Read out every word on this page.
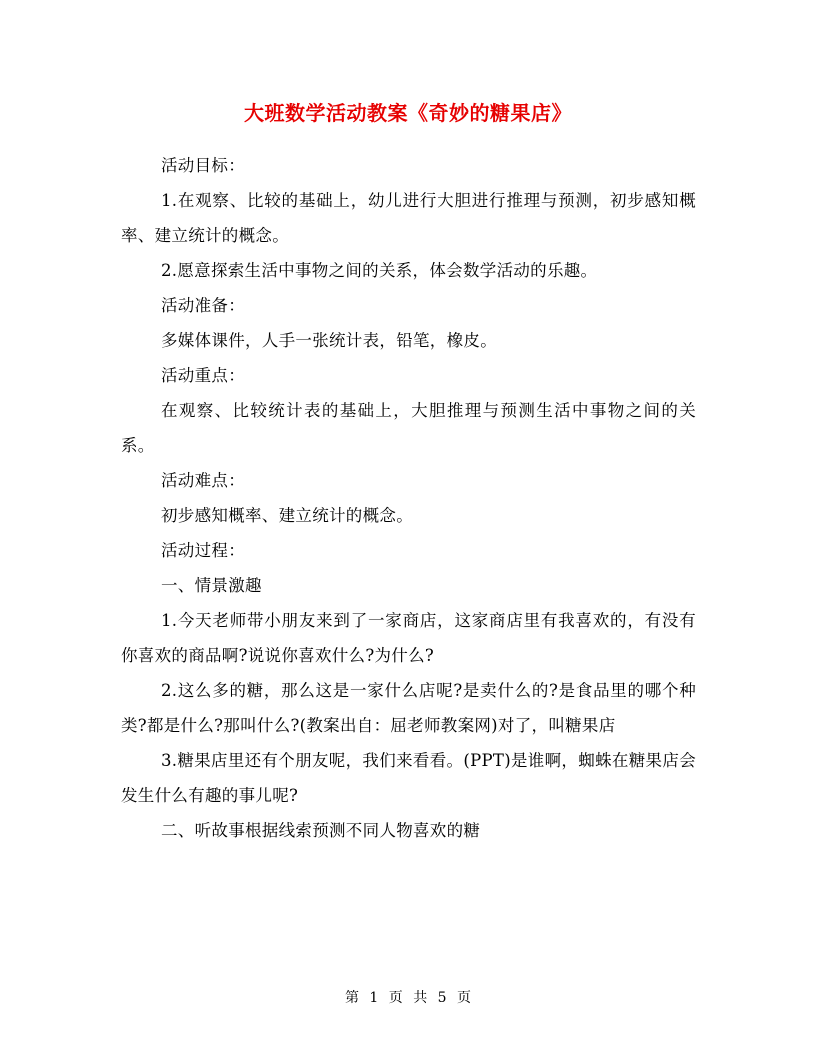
大班数学活动教案《奇妙的糖果店》

活动目标：

1.在观察、比较的基础上，幼儿进行大胆进行推理与预测，初步感知概率、建立统计的概念。

2.愿意探索生活中事物之间的关系，体会数学活动的乐趣。

活动准备：

多媒体课件，人手一张统计表，铅笔，橡皮。

活动重点：

在观察、比较统计表的基础上，大胆推理与预测生活中事物之间的关系。

活动难点：

初步感知概率、建立统计的概念。

活动过程：

一、情景激趣

1.今天老师带小朋友来到了一家商店，这家商店里有我喜欢的，有没有你喜欢的商品啊?说说你喜欢什么?为什么?

2.这么多的糖，那么这是一家什么店呢?是卖什么的?是食品里的哪个种类?都是什么?那叫什么?(教案出自：屈老师教案网)对了，叫糖果店

3.糖果店里还有个朋友呢，我们来看看。(PPT)是谁啊，蜘蛛在糖果店会发生什么有趣的事儿呢?

二、听故事根据线索预测不同人物喜欢的糖

第 1 页 共 5 页
